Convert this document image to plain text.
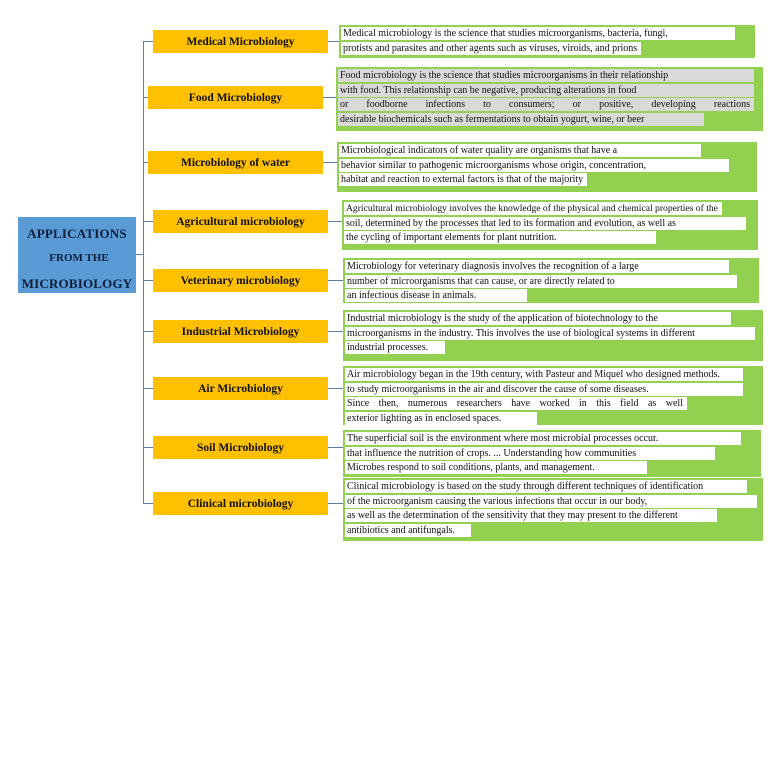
APPLICATIONS
FROM THE
MICROBIOLOGY
Medical Microbiology
Medical microbiology is the science that studies microorganisms, bacteria, fungi,
protists and parasites and other agents such as viruses, viroids, and prions
Food Microbiology
Food microbiology is the science that studies microorganisms in their relationship
with food. This relationship can be negative, producing alterations in food
or foodborne infections to consumers; or positive, developing reactions
desirable biochemicals such as fermentations to obtain yogurt, wine, or beer
Microbiology of water
Microbiological indicators of water quality are organisms that have a
behavior similar to pathogenic microorganisms whose origin, concentration,
habitat and reaction to external factors is that of the majority
Agricultural microbiology
Agricultural microbiology involves the knowledge of the physical and chemical properties of the
soil, determined by the processes that led to its formation and evolution, as well as
the cycling of important elements for plant nutrition.
Veterinary microbiology
Microbiology for veterinary diagnosis involves the recognition of a large
number of microorganisms that can cause, or are directly related to
an infectious disease in animals.
Industrial Microbiology
Industrial microbiology is the study of the application of biotechnology to the
microorganisms in the industry. This involves the use of biological systems in different
industrial processes.
Air Microbiology
Air microbiology began in the 19th century, with Pasteur and Miquel who designed methods.
to study microorganisms in the air and discover the cause of some diseases.
Since then, numerous researchers have worked in this field as well
exterior lighting as in enclosed spaces.
Soil Microbiology
The superficial soil is the environment where most microbial processes occur.
that influence the nutrition of crops. ... Understanding how communities
Microbes respond to soil conditions, plants, and management.
Clinical microbiology
Clinical microbiology is based on the study through different techniques of identification
of the microorganism causing the various infections that occur in our body,
as well as the determination of the sensitivity that they may present to the different
antibiotics and antifungals.
